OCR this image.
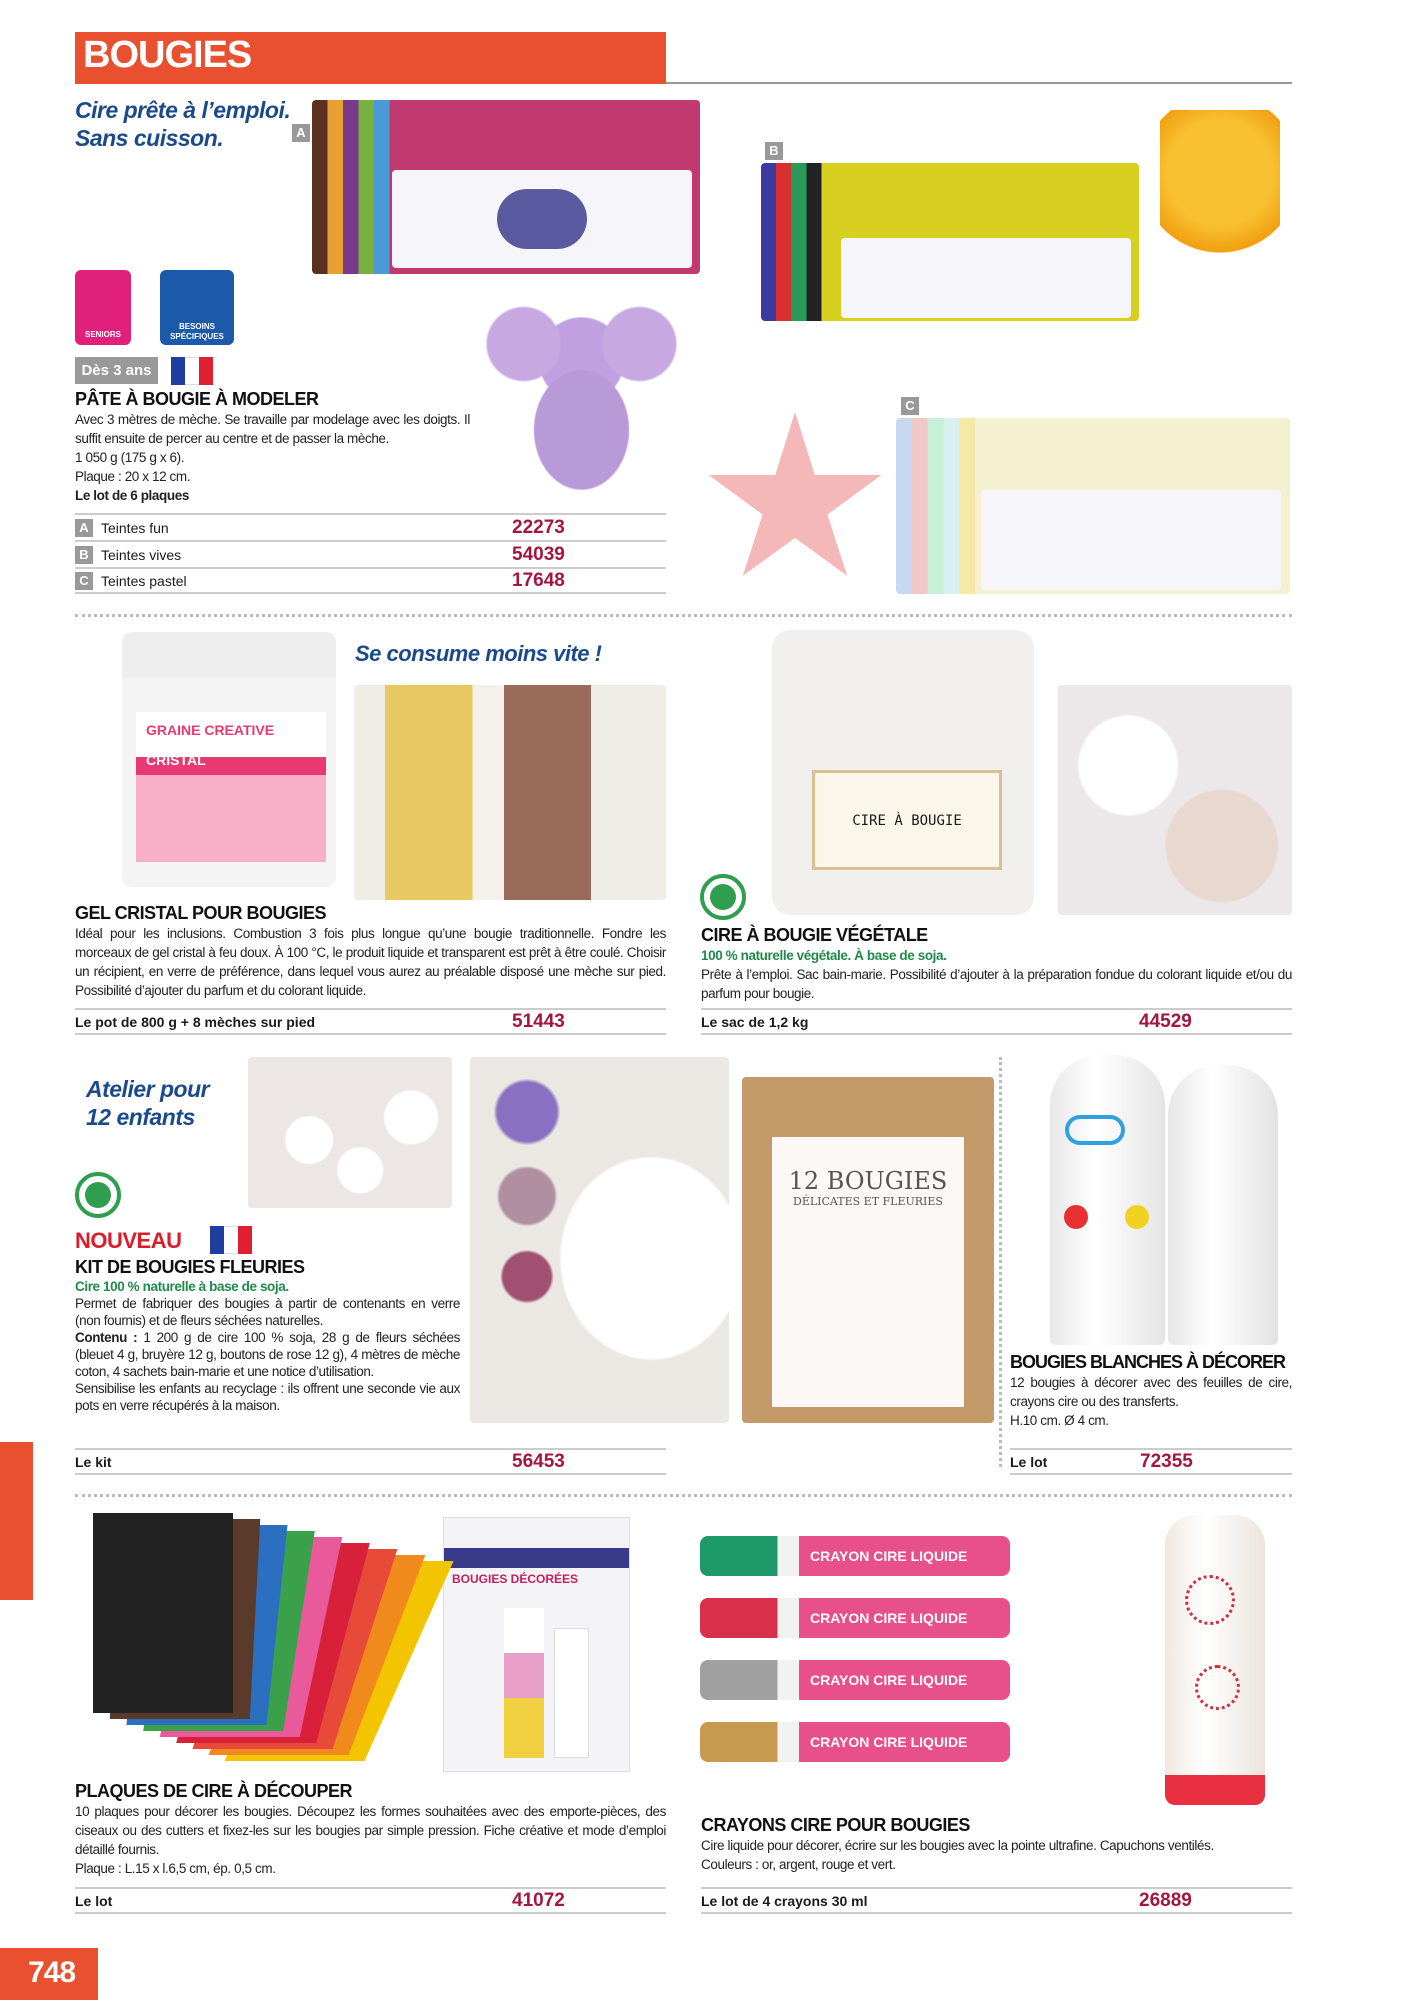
BOUGIES
Cire prête à l’emploi.
Sans cuisson.	A
B
SENIORS
BESOINS
SPÉCIFIQUES
Dès 3 ans
PÂTE À BOUGIE À MODELER
Avec 3 mètres de mèche. Se travaille par modelage avec les doigts. Il suffit ensuite de percer au centre et de passer la mèche.
1 050 g (175 g x 6).
Plaque : 20 x 12 cm.
Le lot de 6 plaques
A Teintes fun	22273
B Teintes vives	54039
C Teintes pastel	17648
C
GRAINE CREATIVE
CRISTAL
Se consume moins vite !
GEL CRISTAL POUR BOUGIES
Idéal pour les inclusions. Combustion 3 fois plus longue qu’une bougie traditionnelle. Fondre les morceaux de gel cristal à feu doux. À 100 °C, le produit liquide et transparent est prêt à être coulé. Choisir un récipient, en verre de préférence, dans lequel vous aurez au préalable disposé une mèche sur pied. Possibilité d’ajouter du parfum et du colorant liquide.
Le pot de 800 g + 8 mèches sur pied	51443
CIRE À BOUGIE
CIRE À BOUGIE VÉGÉTALE
100 % naturelle végétale. À base de soja.
Prête à l’emploi. Sac bain-marie. Possibilité d’ajouter à la préparation fondue du colorant liquide et/ou du parfum pour bougie.
Le sac de 1,2 kg	44529
Atelier pour
12 enfants
12 BOUGIES
DÉLICATES ET FLEURIES
NOUVEAU
KIT DE BOUGIES FLEURIES
Cire 100 % naturelle à base de soja.
Permet de fabriquer des bougies à partir de contenants en verre (non fournis) et de fleurs séchées naturelles.
Contenu : 1 200 g de cire 100 % soja, 28 g de fleurs séchées (bleuet 4 g, bruyère 12 g, boutons de rose 12 g), 4 mètres de mèche coton, 4 sachets bain-marie et une notice d’utilisation.
Sensibilise les enfants au recyclage : ils offrent une seconde vie aux pots en verre récupérés à la maison.
Le kit	56453
BOUGIES BLANCHES À DÉCORER
12 bougies à décorer avec des feuilles de cire, crayons cire ou des transferts.
H.10 cm. Ø 4 cm.
Le lot	72355
BOUGIES DÉCORÉES
PLAQUES DE CIRE À DÉCOUPER
10 plaques pour décorer les bougies. Découpez les formes souhaitées avec des emporte-pièces, des ciseaux ou des cutters et fixez-les sur les bougies par simple pression. Fiche créative et mode d’emploi détaillé fournis.
Plaque : L.15 x l.6,5 cm, ép. 0,5 cm.
Le lot	41072
CRAYON CIRE LIQUIDE
CRAYON CIRE LIQUIDE
CRAYON CIRE LIQUIDE
CRAYON CIRE LIQUIDE
CRAYONS CIRE POUR BOUGIES
Cire liquide pour décorer, écrire sur les bougies avec la pointe ultrafine. Capuchons ventilés.
Couleurs : or, argent, rouge et vert.
Le lot de 4 crayons 30 ml	26889
748
